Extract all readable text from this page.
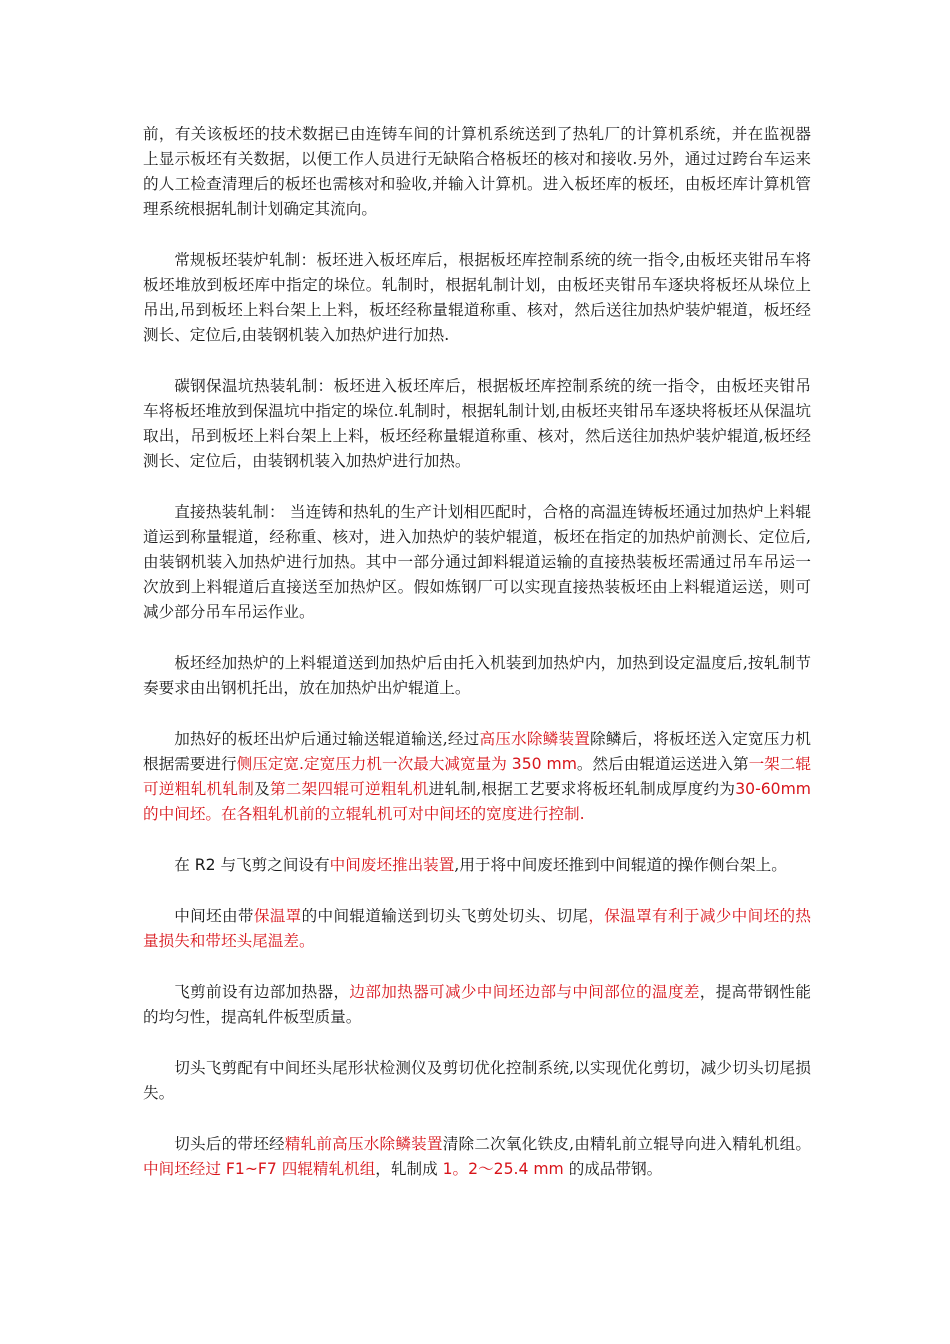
前，有关该板坯的技术数据已由连铸车间的计算机系统送到了热轧厂的计算机系统，并在监视器上显示板坯有关数据，以便工作人员进行无缺陷合格板坯的核对和接收.另外，通过过跨台车运来的人工检查清理后的板坯也需核对和验收,并输入计算机。进入板坯库的板坯，由板坯库计算机管理系统根据轧制计划确定其流向。

常规板坯装炉轧制：板坯进入板坯库后，根据板坯库控制系统的统一指令,由板坯夹钳吊车将板坯堆放到板坯库中指定的垛位。轧制时，根据轧制计划，由板坯夹钳吊车逐块将板坯从垛位上吊出,吊到板坯上料台架上上料，板坯经称量辊道称重、核对，然后送往加热炉装炉辊道，板坯经测长、定位后,由装钢机装入加热炉进行加热.

碳钢保温坑热装轧制：板坯进入板坯库后，根据板坯库控制系统的统一指令，由板坯夹钳吊车将板坯堆放到保温坑中指定的垛位.轧制时，根据轧制计划,由板坯夹钳吊车逐块将板坯从保温坑取出，吊到板坯上料台架上上料，板坯经称量辊道称重、核对，然后送往加热炉装炉辊道,板坯经测长、定位后，由装钢机装入加热炉进行加热。

直接热装轧制： 当连铸和热轧的生产计划相匹配时，合格的高温连铸板坯通过加热炉上料辊道运到称量辊道，经称重、核对，进入加热炉的装炉辊道，板坯在指定的加热炉前测长、定位后,由装钢机装入加热炉进行加热。其中一部分通过卸料辊道运输的直接热装板坯需通过吊车吊运一次放到上料辊道后直接送至加热炉区。假如炼钢厂可以实现直接热装板坯由上料辊道运送，则可减少部分吊车吊运作业。

板坯经加热炉的上料辊道送到加热炉后由托入机装到加热炉内，加热到设定温度后,按轧制节奏要求由出钢机托出，放在加热炉出炉辊道上。

加热好的板坯出炉后通过输送辊道输送,经过高压水除鳞装置除鳞后，将板坯送入定宽压力机根据需要进行侧压定宽.定宽压力机一次最大减宽量为 350 mm。然后由辊道运送进入第一架二辊可逆粗轧机轧制及第二架四辊可逆粗轧机进轧制,根据工艺要求将板坯轧制成厚度约为30-60mm 的中间坯。在各粗轧机前的立辊轧机可对中间坯的宽度进行控制.

在 R2 与飞剪之间设有中间废坯推出装置,用于将中间废坯推到中间辊道的操作侧台架上。

中间坯由带保温罩的中间辊道输送到切头飞剪处切头、切尾，保温罩有利于减少中间坯的热量损失和带坯头尾温差。

飞剪前设有边部加热器，边部加热器可减少中间坯边部与中间部位的温度差，提高带钢性能的均匀性，提高轧件板型质量。

切头飞剪配有中间坯头尾形状检测仪及剪切优化控制系统,以实现优化剪切，减少切头切尾损失。

切头后的带坯经精轧前高压水除鳞装置清除二次氧化铁皮,由精轧前立辊导向进入精轧机组。中间坯经过 F1~F7 四辊精轧机组，轧制成 1。2～25.4 mm 的成品带钢。
